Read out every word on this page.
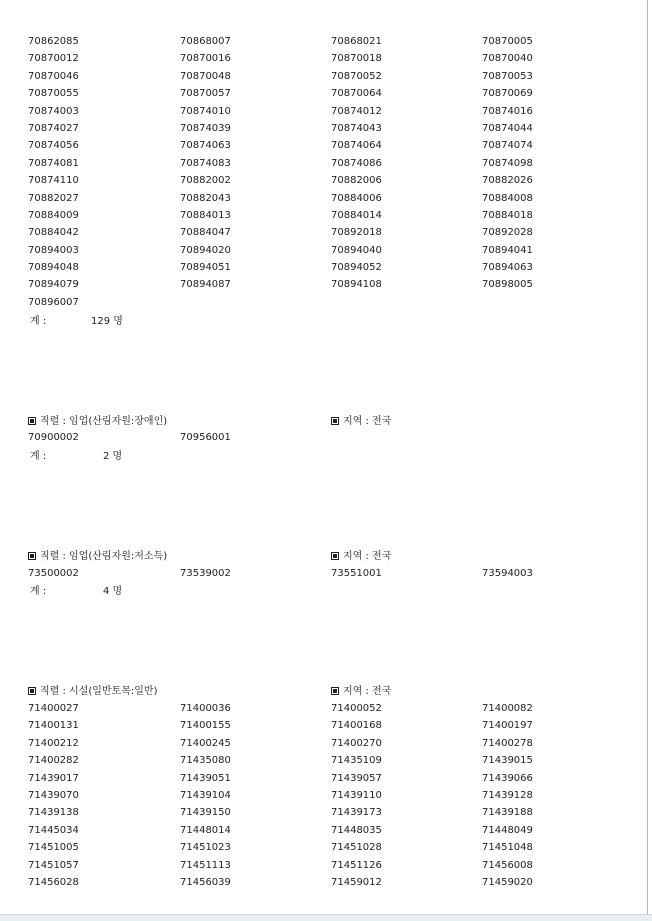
70862085	70868007	70868021	70870005
70870012	70870016	70870018	70870040
70870046	70870048	70870052	70870053
70870055	70870057	70870064	70870069
70874003	70874010	70874012	70874016
70874027	70874039	70874043	70874044
70874056	70874063	70874064	70874074
70874081	70874083	70874086	70874098
70874110	70882002	70882006	70882026
70882027	70882043	70884006	70884008
70884009	70884013	70884014	70884018
70884042	70884047	70892018	70892028
70894003	70894020	70894040	70894041
70894048	70894051	70894052	70894063
70894079	70894087	70894108	70898005
70896007
계 :	129 명
직렬 : 임업(산림자원:장애인)	지역 : 전국
70900002	70956001
계 :	2 명
직렬 : 임업(산림자원:저소득)	지역 : 전국
73500002	73539002	73551001	73594003
계 :	4 명
직렬 : 시설(일반토목:일반)	지역 : 전국
71400027	71400036	71400052	71400082
71400131	71400155	71400168	71400197
71400212	71400245	71400270	71400278
71400282	71435080	71435109	71439015
71439017	71439051	71439057	71439066
71439070	71439104	71439110	71439128
71439138	71439150	71439173	71439188
71445034	71448014	71448035	71448049
71451005	71451023	71451028	71451048
71451057	71451113	71451126	71456008
71456028	71456039	71459012	71459020
